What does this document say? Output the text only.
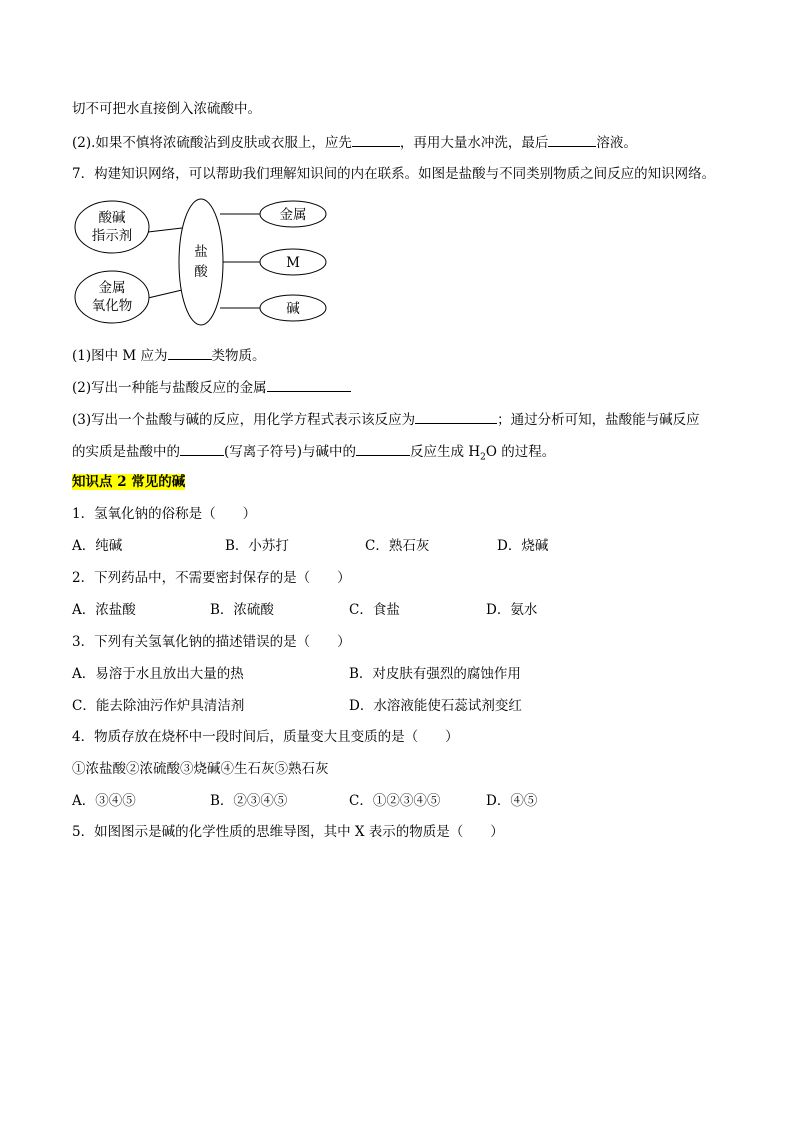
切不可把水直接倒入浓硫酸中。
(2).如果不慎将浓硫酸沾到皮肤或衣服上，应先	，再用大量水冲洗，最后	溶液。
7．构建知识网络，可以帮助我们理解知识间的内在联系。如图是盐酸与不同类别物质之间反应的知识网络。
酸碱
指示剂
金属
氧化物
盐
酸
金属
M
碱
(1)图中 M 应为	类物质。
(2)写出一种能与盐酸反应的金属
(3)写出一个盐酸与碱的反应，用化学方程式表示该反应为	；通过分析可知，盐酸能与碱反应
的实质是盐酸中的	(写离子符号)与碱中的	反应生成 $H_2O$ 的过程。
知识点 2 常见的碱
1．氢氧化钠的俗称是（　　）
A．纯碱	B．小苏打	C．熟石灰	D．烧碱
2．下列药品中，不需要密封保存的是（　　）
A．浓盐酸	B．浓硫酸	C．食盐	D．氨水
3．下列有关氢氧化钠的描述错误的是（　　）
A．易溶于水且放出大量的热	B．对皮肤有强烈的腐蚀作用
C．能去除油污作炉具清洁剂	D．水溶液能使石蕊试剂变红
4．物质存放在烧杯中一段时间后，质量变大且变质的是（　　）
①浓盐酸②浓硫酸③烧碱④生石灰⑤熟石灰
A．③④⑤	B．②③④⑤	C．①②③④⑤	D．④⑤
5．如图图示是碱的化学性质的思维导图，其中 X 表示的物质是（　　）
